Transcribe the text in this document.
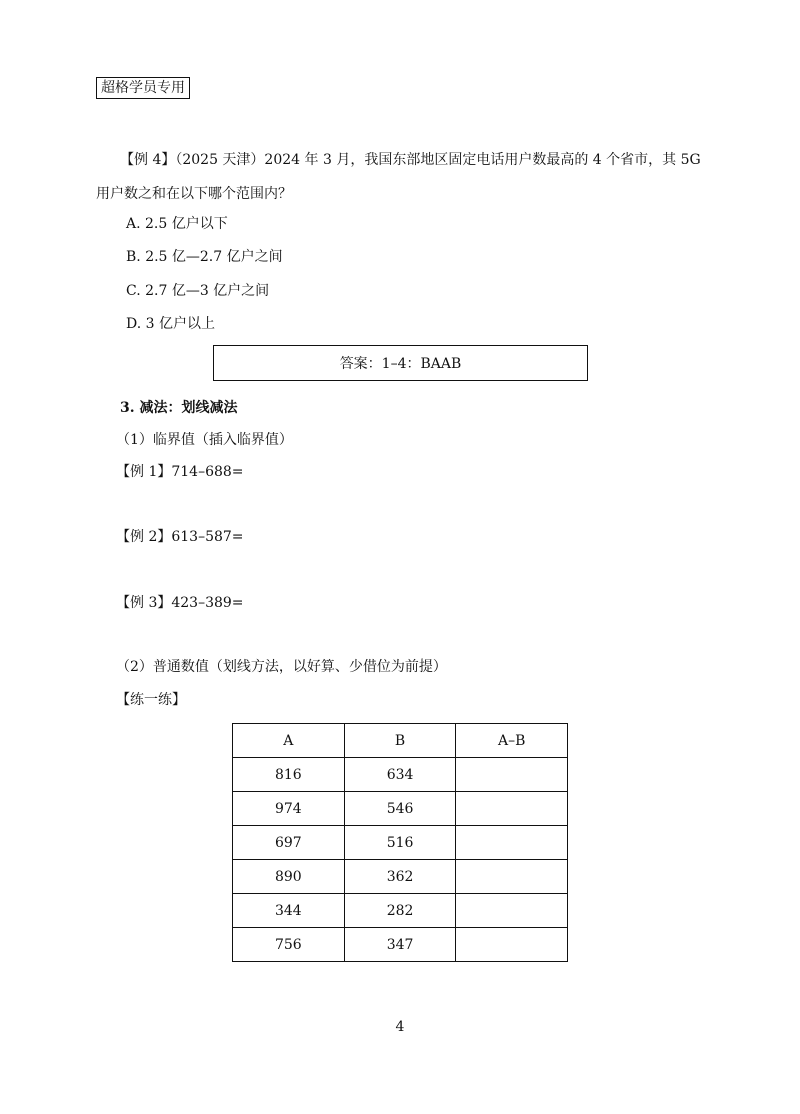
超格学员专用
【例 4】（2025 天津）2024 年 3 月，我国东部地区固定电话用户数最高的 4 个省市，其 5G
用户数之和在以下哪个范围内？
A. 2.5 亿户以下
B. 2.5 亿—2.7 亿户之间
C. 2.7 亿—3 亿户之间
D. 3 亿户以上
答案：1–4：BAAB
3. 减法：划线减法
（1）临界值（插入临界值）
【例 1】714–688=
【例 2】613–587=
【例 3】423–389=
（2）普通数值（划线方法，以好算、少借位为前提）
【练一练】
A	B	A–B
816	634	
974	546	
697	516	
890	362	
344	282	
756	347	
4
